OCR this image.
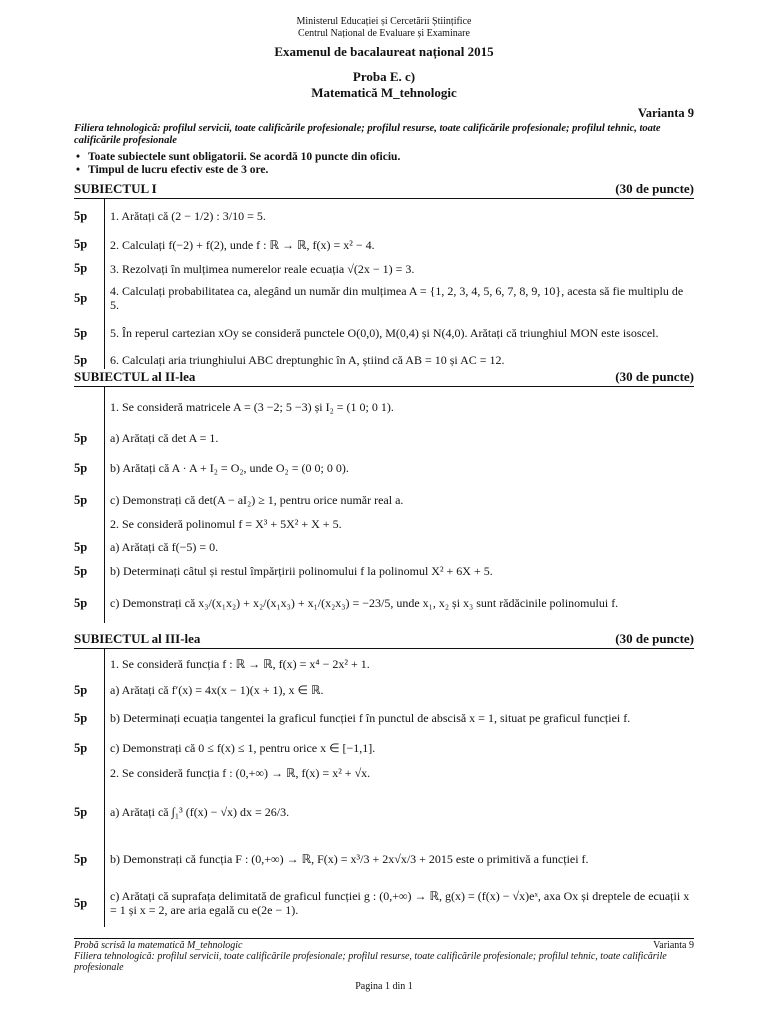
Ministerul Educației și Cercetării Științifice
Centrul Național de Evaluare și Examinare
Examenul de bacalaureat național 2015
Proba E. c)
Matematică M_tehnologic
Varianta 9
Filiera tehnologică: profilul servicii, toate calificările profesionale; profilul resurse, toate calificările profesionale; profilul tehnic, toate calificările profesionale
• Toate subiectele sunt obligatorii. Se acordă 10 puncte din oficiu.
• Timpul de lucru efectiv este de 3 ore.
SUBIECTUL I	(30 de puncte)
5p	1. Arătați că (2 − 1/2) : 3/10 = 5.
5p	2. Calculați f(−2) + f(2), unde f : ℝ → ℝ, f(x) = x² − 4.
5p	3. Rezolvați în mulțimea numerelor reale ecuația √(2x − 1) = 3.
5p	4. Calculați probabilitatea ca, alegând un număr din mulțimea A = {1, 2, 3, 4, 5, 6, 7, 8, 9, 10}, acesta să fie multiplu de 5.
5p	5. În reperul cartezian xOy se consideră punctele O(0,0), M(0,4) și N(4,0). Arătați că triunghiul MON este isoscel.
5p	6. Calculați aria triunghiului ABC dreptunghic în A, știind că AB = 10 și AC = 12.
SUBIECTUL al II-lea	(30 de puncte)
1. Se consideră matricele A = (3 −2; 5 −3) și I₂ = (1 0; 0 1).
5p	a) Arătați că det A = 1.
5p	b) Arătați că A · A + I₂ = O₂, unde O₂ = (0 0; 0 0).
5p	c) Demonstrați că det(A − aI₂) ≥ 1, pentru orice număr real a.
2. Se consideră polinomul f = X³ + 5X² + X + 5.
5p	a) Arătați că f(−5) = 0.
5p	b) Determinați câtul și restul împărțirii polinomului f la polinomul X² + 6X + 5.
5p	c) Demonstrați că x₃/(x₁x₂) + x₂/(x₁x₃) + x₁/(x₂x₃) = −23/5, unde x₁, x₂ și x₃ sunt rădăcinile polinomului f.
SUBIECTUL al III-lea	(30 de puncte)
1. Se consideră funcția f : ℝ → ℝ, f(x) = x⁴ − 2x² + 1.
5p	a) Arătați că f′(x) = 4x(x − 1)(x + 1), x ∈ ℝ.
5p	b) Determinați ecuația tangentei la graficul funcției f în punctul de abscisă x = 1, situat pe graficul funcției f.
5p	c) Demonstrați că 0 ≤ f(x) ≤ 1, pentru orice x ∈ [−1,1].
2. Se consideră funcția f : (0,+∞) → ℝ, f(x) = x² + √x.
5p	a) Arătați că ∫₁³ (f(x) − √x) dx = 26/3.
5p	b) Demonstrați că funcția F : (0,+∞) → ℝ, F(x) = x³/3 + 2x√x/3 + 2015 este o primitivă a funcției f.
5p	c) Arătați că suprafața delimitată de graficul funcției g : (0,+∞) → ℝ, g(x) = (f(x) − √x)eˣ, axa Ox și dreptele de ecuații x = 1 și x = 2, are aria egală cu e(2e − 1).
Probă scrisă la matematică M_tehnologic	Varianta 9
Filiera tehnologică: profilul servicii, toate calificările profesionale; profilul resurse, toate calificările profesionale; profilul tehnic, toate calificările profesionale
Pagina 1 din 1
